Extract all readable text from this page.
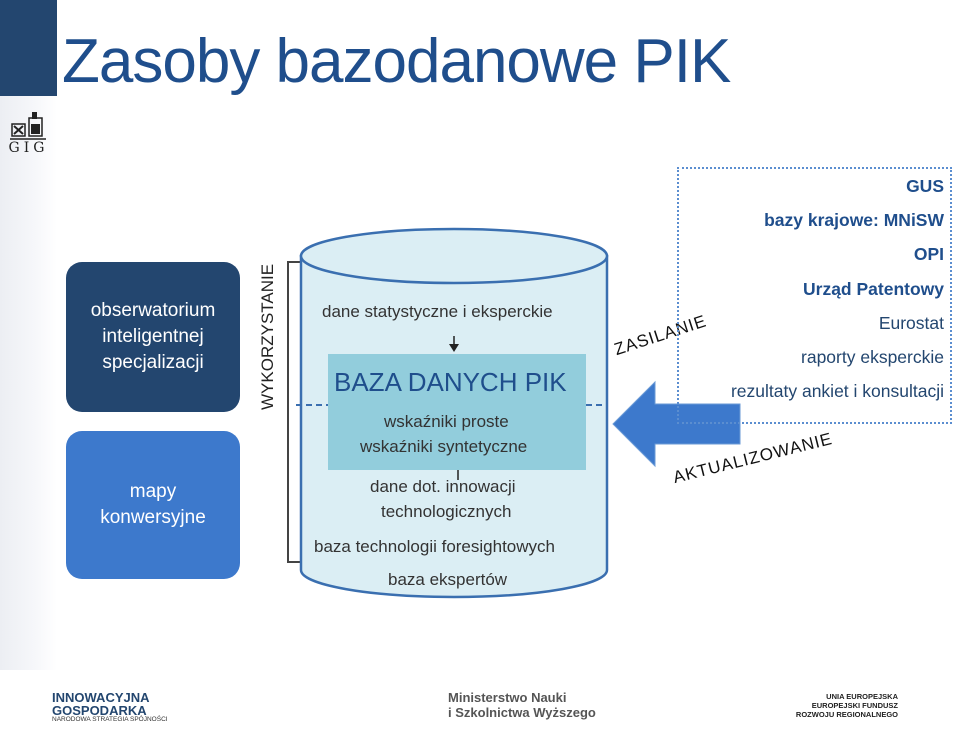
GIG
Zasoby bazodanowe PIK
obserwatorium inteligentnej specjalizacji
mapy konwersyjne
WYKORZYSTANIE	dane statystyczne i eksperckie
BAZA DANYCH PIK
wskaźniki proste
wskaźniki syntetyczne
dane dot. innowacji
technologicznych
baza technologii foresightowych
baza ekspertów
ZASILANIE
AKTUALIZOWANIE
GUS
bazy krajowe: MNiSW
OPI
Urząd Patentowy
Eurostat
raporty eksperckie
rezultaty ankiet i konsultacji
INNOWACYJNA
GOSPODARKA
NARODOWA STRATEGIA SPÓJNOŚCI
Ministerstwo Nauki
i Szkolnictwa Wyższego
UNIA EUROPEJSKA
EUROPEJSKI FUNDUSZ
ROZWOJU REGIONALNEGO
